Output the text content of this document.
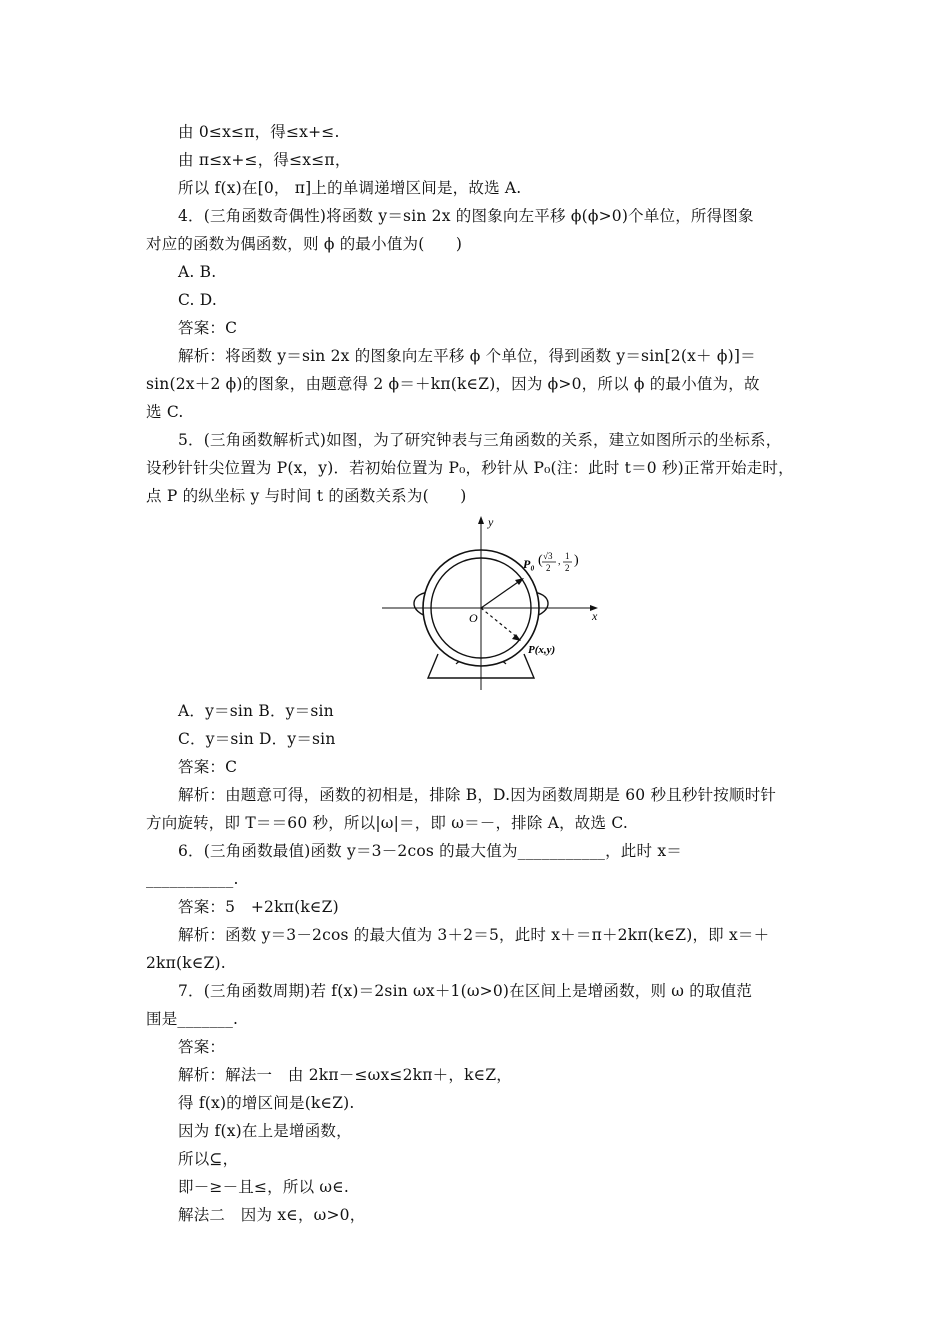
由 0≤x≤π，得≤x+≤.
由 π≤x+≤，得≤x≤π，
所以 f(x)在[0， π]上的单调递增区间是，故选 A.
4．(三角函数奇偶性)将函数 y＝sin 2x 的图象向左平移 ϕ(ϕ>0)个单位，所得图象
对应的函数为偶函数，则 ϕ 的最小值为(　　)
A. B.
C. D.
答案：C
解析：将函数 y＝sin 2x 的图象向左平移 ϕ 个单位，得到函数 y＝sin[2(x＋ ϕ)]＝
sin(2x＋2 ϕ)的图象，由题意得 2 ϕ＝＋kπ(k∈Z)，因为 ϕ>0，所以 ϕ 的最小值为，故
选 C.
5．(三角函数解析式)如图，为了研究钟表与三角函数的关系，建立如图所示的坐标系，
设秒针针尖位置为 P(x，y)．若初始位置为 P₀，秒针从 P₀(注：此时 t＝0 秒)正常开始走时，
点 P 的纵坐标 y 与时间 t 的函数关系为(　　)
y
x
O
P₀ ( √3
2
, 1
2 )
P(x,y)
A．y＝sin B．y＝sin
C．y＝sin D．y＝sin
答案：C
解析：由题意可得，函数的初相是，排除 B，D.因为函数周期是 60 秒且秒针按顺时针
方向旋转，即 T＝＝60 秒，所以|ω|＝，即 ω＝－，排除 A，故选 C.
6．(三角函数最值)函数 y＝3－2cos 的最大值为___________，此时 x＝
___________.
答案：5　+2kπ(k∈Z)
解析：函数 y＝3－2cos 的最大值为 3＋2＝5，此时 x＋＝π＋2kπ(k∈Z)，即 x＝＋
2kπ(k∈Z).
7．(三角函数周期)若 f(x)＝2sin ωx＋1(ω>0)在区间上是增函数，则 ω 的取值范
围是_______.
答案：
解析：解法一　由 2kπ－≤ωx≤2kπ＋，k∈Z，
得 f(x)的增区间是(k∈Z).
因为 f(x)在上是增函数，
所以⊆，
即－≥－且≤，所以 ω∈.
解法二　因为 x∈，ω>0，
